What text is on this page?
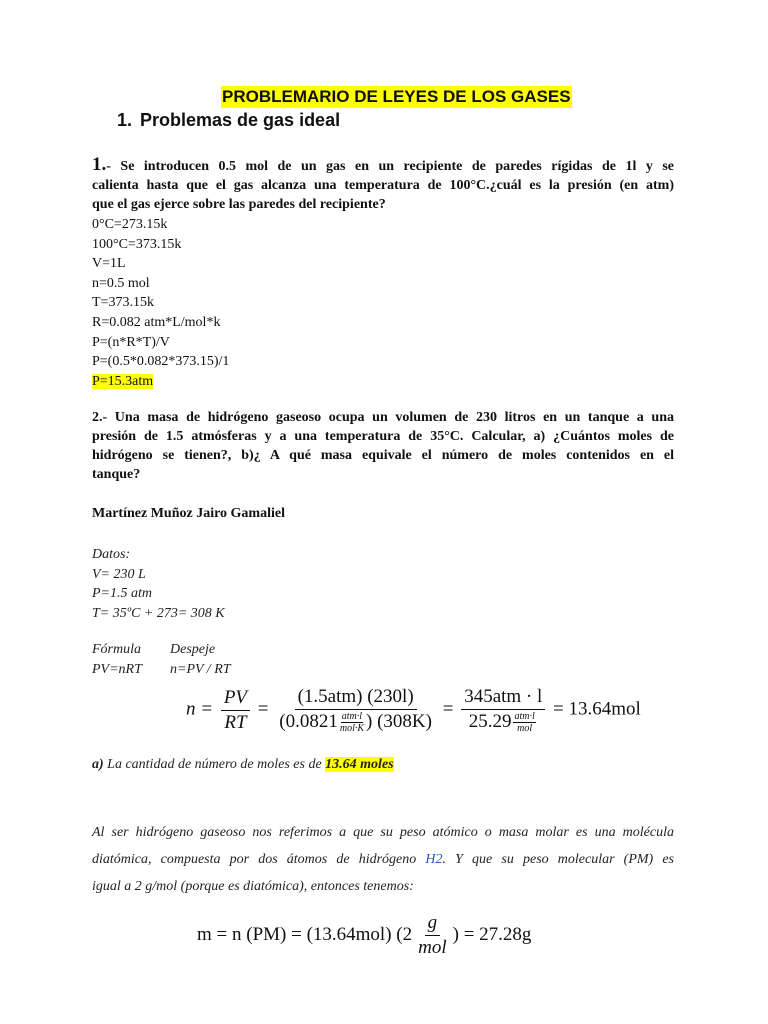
PROBLEMARIO DE LEYES DE LOS GASES
1. Problemas de gas ideal
1.- Se introducen 0.5 mol de un gas en un recipiente de paredes rígidas de 1l y se
calienta hasta que el gas alcanza una temperatura de 100°C.¿cuál es la presión (en atm)
que el gas ejerce sobre las paredes del recipiente?
0°C=273.15k
100°C=373.15k
V=1L
n=0.5 mol
T=373.15k
R=0.082 atm*L/mol*k
P=(n*R*T)/V
P=(0.5*0.082*373.15)/1
P=15.3atm
2.- Una masa de hidrógeno gaseoso ocupa un volumen de 230 litros en un tanque a una
presión de 1.5 atmósferas y a una temperatura de 35°C. Calcular, a) ¿Cuántos moles de
hidrógeno se tienen?, b)¿ A qué masa equivale el número de moles contenidos en el
tanque?
Martínez Muñoz Jairo Gamaliel
Datos:
V= 230 L
P=1.5 atm
T= 35ºC + 273= 308 K
Fórmula Despeje
PV=nRT n=PV / RT
$n = \frac{PV}{RT} = (1.5atm)$ (230l)
(0.0821 atm·l
mol·K ) (308K) = 345atm · l
25.29 atm·l
mol = 13.64mol
a) La cantidad de número de moles es de 13.64 moles
Al ser hidrógeno gaseoso nos referimos a que su peso atómico o masa molar es una molécula
diatómica, compuesta por dos átomos de hidrógeno H2. Y que su peso molecular (PM) es
igual a 2 g/mol (porque es diatómica), entonces tenemos:
m = n (PM) = (13.64mol) ($2 \frac{g}{\text{mol}}$ ) = 27.28g
